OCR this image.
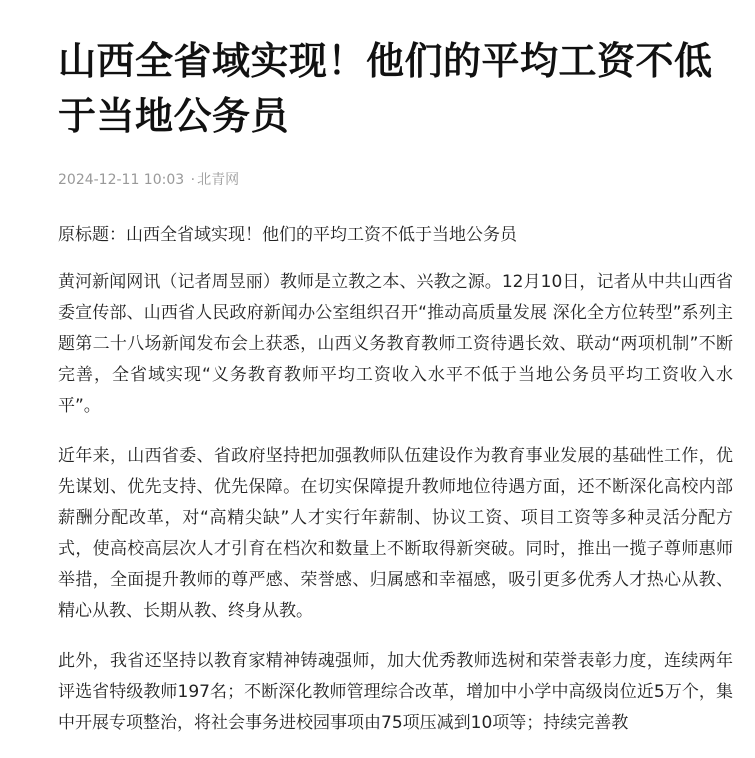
山西全省域实现！他们的平均工资不低于当地公务员
2024-12-11 10:03 · 北青网

原标题：山西全省域实现！他们的平均工资不低于当地公务员

黄河新闻网讯（记者周昱丽）教师是立教之本、兴教之源。12月10日，记者从中共山西省委宣传部、山西省人民政府新闻办公室组织召开“推动高质量发展 深化全方位转型”系列主题第二十八场新闻发布会上获悉，山西义务教育教师工资待遇长效、联动“两项机制”不断完善，全省域实现“义务教育教师平均工资收入水平不低于当地公务员平均工资收入水平”。

近年来，山西省委、省政府坚持把加强教师队伍建设作为教育事业发展的基础性工作，优先谋划、优先支持、优先保障。在切实保障提升教师地位待遇方面，还不断深化高校内部薪酬分配改革，对“高精尖缺”人才实行年薪制、协议工资、项目工资等多种灵活分配方式，使高校高层次人才引育在档次和数量上不断取得新突破。同时，推出一揽子尊师惠师举措，全面提升教师的尊严感、荣誉感、归属感和幸福感，吸引更多优秀人才热心从教、精心从教、长期从教、终身从教。

此外，我省还坚持以教育家精神铸魂强师，加大优秀教师选树和荣誉表彰力度，连续两年评选省特级教师197名；不断深化教师管理综合改革，增加中小学中高级岗位近5万个，集中开展专项整治，将社会事务进校园事项由75项压减到10项等；持续完善教
